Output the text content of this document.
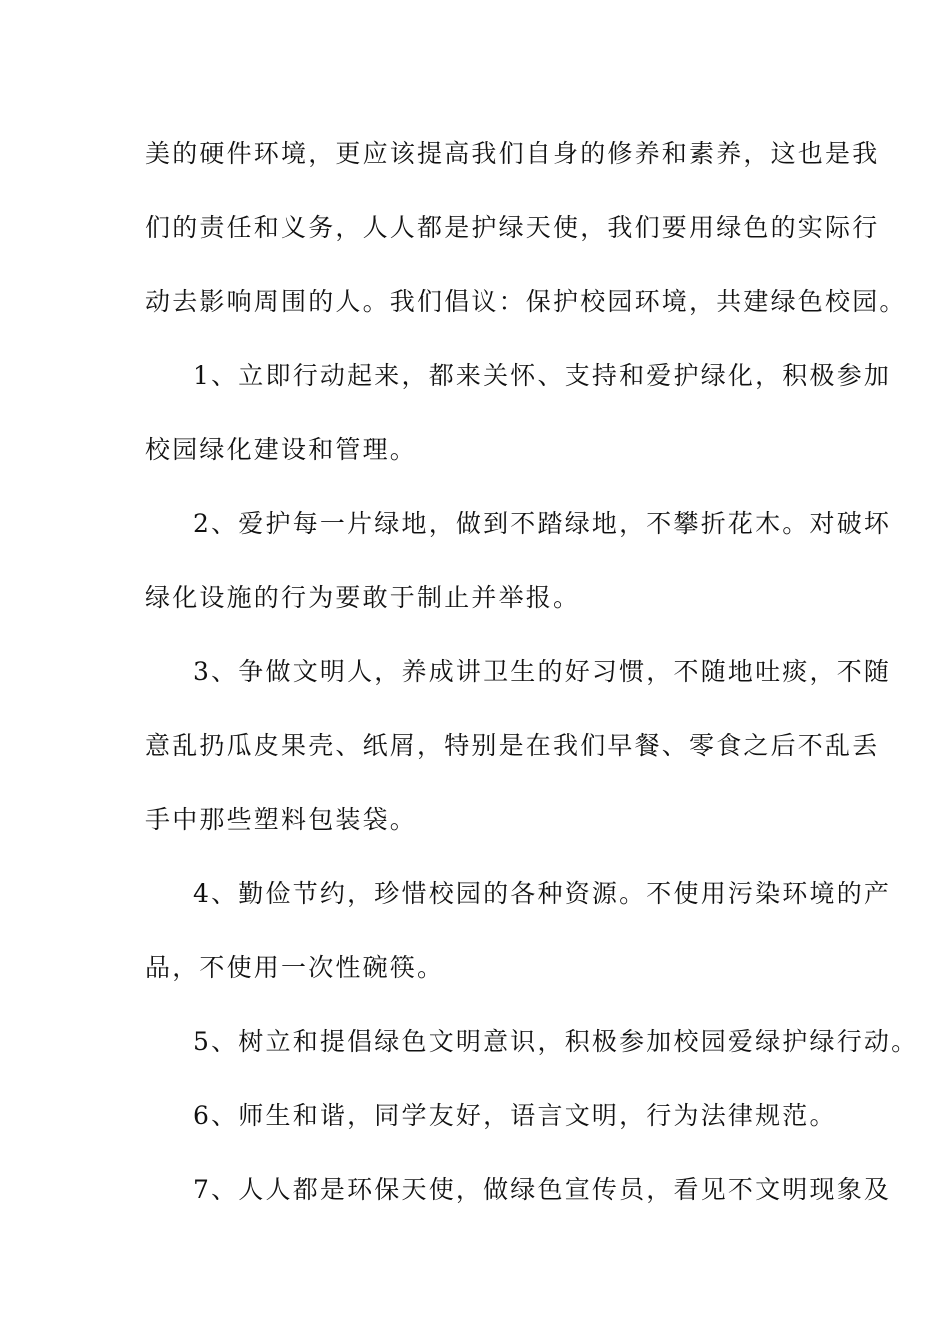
美的硬件环境，更应该提高我们自身的修养和素养，这也是我
们的责任和义务，人人都是护绿天使，我们要用绿色的实际行
动去影响周围的人。我们倡议：保护校园环境，共建绿色校园。
1、立即行动起来，都来关怀、支持和爱护绿化，积极参加
校园绿化建设和管理。
2、爱护每一片绿地，做到不踏绿地，不攀折花木。对破坏
绿化设施的行为要敢于制止并举报。
3、争做文明人，养成讲卫生的好习惯，不随地吐痰，不随
意乱扔瓜皮果壳、纸屑，特别是在我们早餐、零食之后不乱丢
手中那些塑料包装袋。
4、勤俭节约，珍惜校园的各种资源。不使用污染环境的产
品，不使用一次性碗筷。
5、树立和提倡绿色文明意识，积极参加校园爱绿护绿行动。
6、师生和谐，同学友好，语言文明，行为法律规范。
7、人人都是环保天使，做绿色宣传员，看见不文明现象及
